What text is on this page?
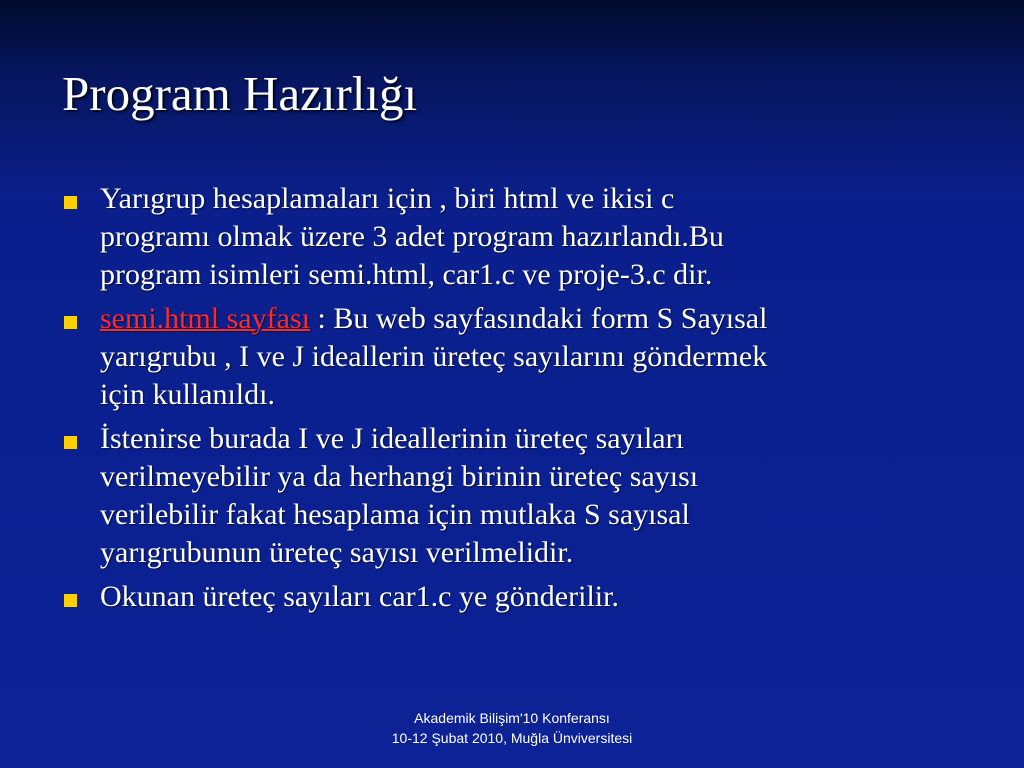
Program Hazırlığı
Yarıgrup hesaplamaları için , biri html ve ikisi c
programı olmak üzere 3 adet program hazırlandı.Bu
program isimleri semi.html, car1.c ve proje-3.c dir.
semi.html sayfası : Bu web sayfasındaki form S Sayısal
yarıgrubu , I ve J ideallerin üreteç sayılarını göndermek
için kullanıldı.
İstenirse burada I ve J ideallerinin üreteç sayıları
verilmeyebilir ya da herhangi birinin üreteç sayısı
verilebilir fakat hesaplama için mutlaka S sayısal
yarıgrubunun üreteç sayısı verilmelidir.
Okunan üreteç sayıları car1.c ye gönderilir.
Akademik Bilişim'10 Konferansı
10-12 Şubat 2010, Muğla Ünviversitesi
